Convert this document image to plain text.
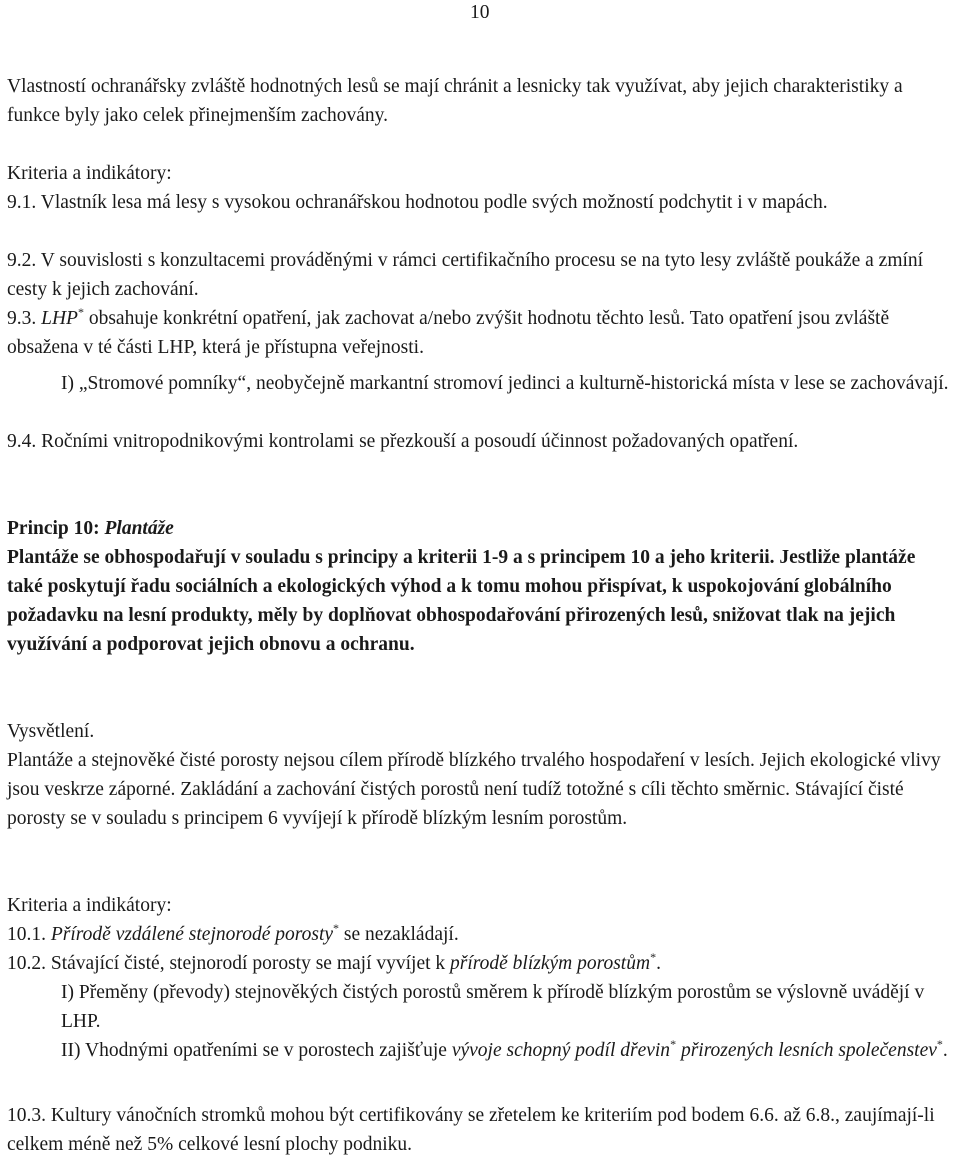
10

Vlastností ochranářsky zvláště hodnotných lesů se mají chránit a lesnicky tak využívat, aby jejich charakteristiky a funkce byly jako celek přinejmenším zachovány.

Kriteria a indikátory:

9.1. Vlastník lesa má lesy s vysokou ochranářskou hodnotou podle svých možností podchytit i v mapách.

9.2. V souvislosti s konzultacemi prováděnými v rámci certifikačního procesu se na tyto lesy zvláště poukáže a zmíní cesty k jejich zachování.

9.3. LHP* obsahuje konkrétní opatření, jak zachovat a/nebo zvýšit hodnotu těchto lesů. Tato opatření jsou zvláště obsažena v té části LHP, která je přístupna veřejnosti.

I) „Stromové pomníky“, neobyčejně markantní stromoví jedinci a kulturně-historická místa v lese se zachovávají.

9.4. Ročními vnitropodnikovými kontrolami se přezkouší a posoudí účinnost požadovaných opatření.

Princip 10: Plantáže

Plantáže se obhospodařují v souladu s principy a kriterii 1-9 a s principem 10 a jeho kriterii. Jestliže plantáže také poskytují řadu sociálních a ekologických výhod a k tomu mohou přispívat, k uspokojování globálního požadavku na lesní produkty, měly by doplňovat obhospodařování přirozených lesů, snižovat tlak na jejich využívání a podporovat jejich obnovu a ochranu.

Vysvětlení.

Plantáže a stejnověké čisté porosty nejsou cílem přírodě blízkého trvalého hospodaření v lesích. Jejich ekologické vlivy jsou veskrze záporné. Zakládání a zachování čistých porostů není tudíž totožné s cíli těchto směrnic. Stávající čisté porosty se v souladu s principem 6 vyvíjejí k přírodě blízkým lesním porostům.

Kriteria a indikátory:

10.1. Přírodě vzdálené stejnorodé porosty* se nezakládají.

10.2. Stávající čisté, stejnorodí porosty se mají vyvíjet k přírodě blízkým porostům*.

I) Přeměny (převody) stejnověkých čistých porostů směrem k přírodě blízkým porostům se výslovně uvádějí v LHP.

II) Vhodnými opatřeními se v porostech zajišťuje vývoje schopný podíl dřevin* přirozených lesních společenstev*.

10.3. Kultury vánočních stromků mohou být certifikovány se zřetelem ke kriteriím pod bodem 6.6. až 6.8., zaujímají-li celkem méně než 5% celkové lesní plochy podniku.
